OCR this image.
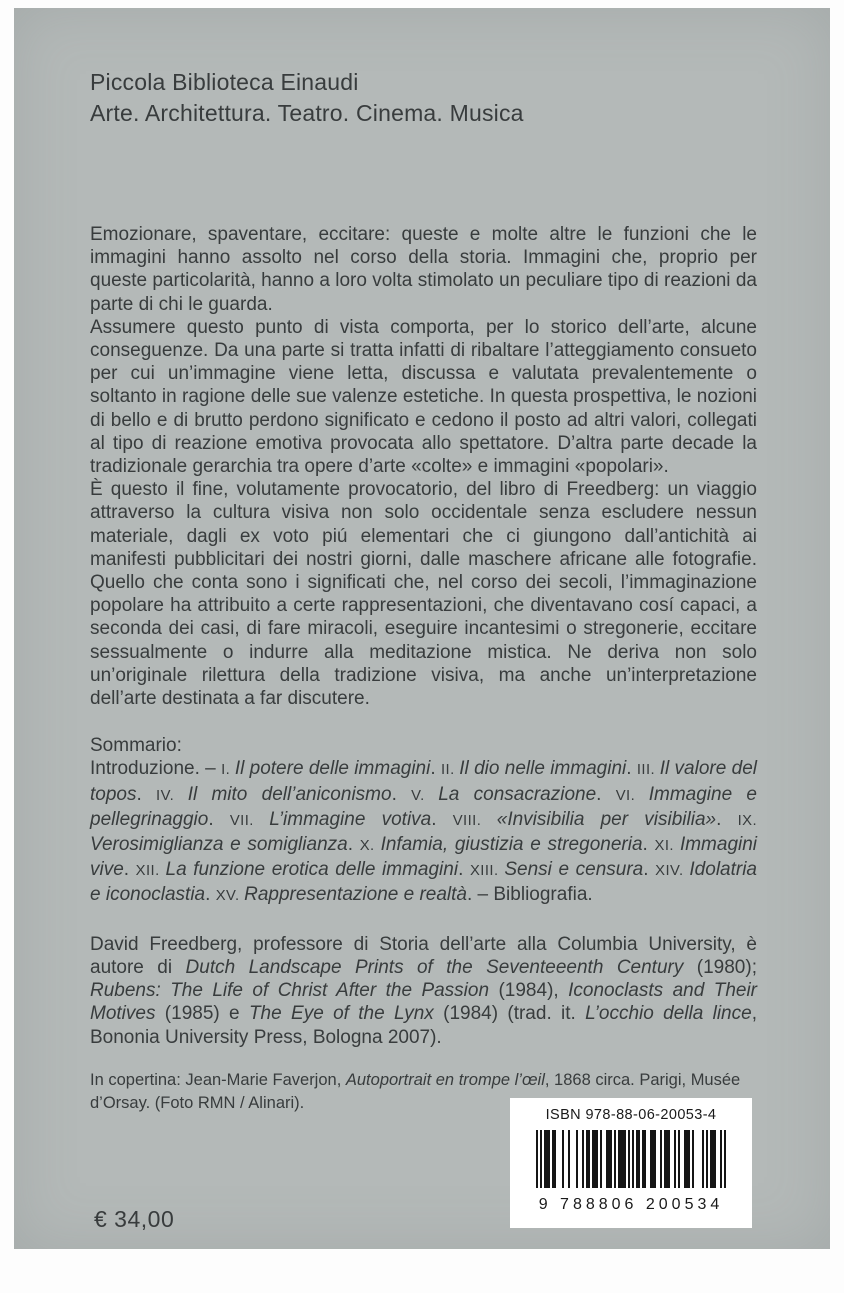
Piccola Biblioteca Einaudi
Arte. Architettura. Teatro. Cinema. Musica

Emozionare, spaventare, eccitare: queste e molte altre le funzioni che le immagini hanno assolto nel corso della storia. Immagini che, proprio per queste particolarità, hanno a loro volta stimolato un peculiare tipo di reazioni da parte di chi le guarda.

Assumere questo punto di vista comporta, per lo storico dell’arte, alcune conseguenze. Da una parte si tratta infatti di ribaltare l’atteggiamento consueto per cui un’immagine viene letta, discussa e valutata prevalentemente o soltanto in ragione delle sue valenze estetiche. In questa prospettiva, le nozioni di bello e di brutto perdono significato e cedono il posto ad altri valori, collegati al tipo di reazione emotiva provocata allo spettatore. D’altra parte decade la tradizionale gerarchia tra opere d’arte «colte» e immagini «popolari».

È questo il fine, volutamente provocatorio, del libro di Freedberg: un viaggio attraverso la cultura visiva non solo occidentale senza escludere nessun materiale, dagli ex voto piú elementari che ci giungono dall’antichità ai manifesti pubblicitari dei nostri giorni, dalle maschere africane alle fotografie. Quello che conta sono i significati che, nel corso dei secoli, l’immaginazione popolare ha attribuito a certe rappresentazioni, che diventavano cosí capaci, a seconda dei casi, di fare miracoli, eseguire incantesimi o stregonerie, eccitare sessualmente o indurre alla meditazione mistica. Ne deriva non solo un’originale rilettura della tradizione visiva, ma anche un’interpretazione dell’arte destinata a far discutere.

Sommario:

Introduzione. – I. Il potere delle immagini. II. Il dio nelle immagini. III. Il valore del topos. IV. Il mito dell’aniconismo. V. La consacrazione. VI. Immagine e pellegrinaggio. VII. L’immagine votiva. VIII. «Invisibilia per visibilia». IX. Verosimiglianza e somiglianza. X. Infamia, giustizia e stregoneria. XI. Immagini vive. XII. La funzione erotica delle immagini. XIII. Sensi e censura. XIV. Idolatria e iconoclastia. XV. Rappresentazione e realtà. – Bibliografia.

David Freedberg, professore di Storia dell’arte alla Columbia University, è autore di Dutch Landscape Prints of the Seventeeenth Century (1980); Rubens: The Life of Christ After the Passion (1984), Iconoclasts and Their Motives (1985) e The Eye of the Lynx (1984) (trad. it. L’occhio della lince, Bononia University Press, Bologna 2007).
In copertina: Jean-Marie Faverjon, Autoportrait en trompe l’œil, 1868 circa. Parigi, Musée d’Orsay. (Foto RMN / Alinari).
ISBN 978-88-06-20053-4
9 788806 200534
€ 34,00
